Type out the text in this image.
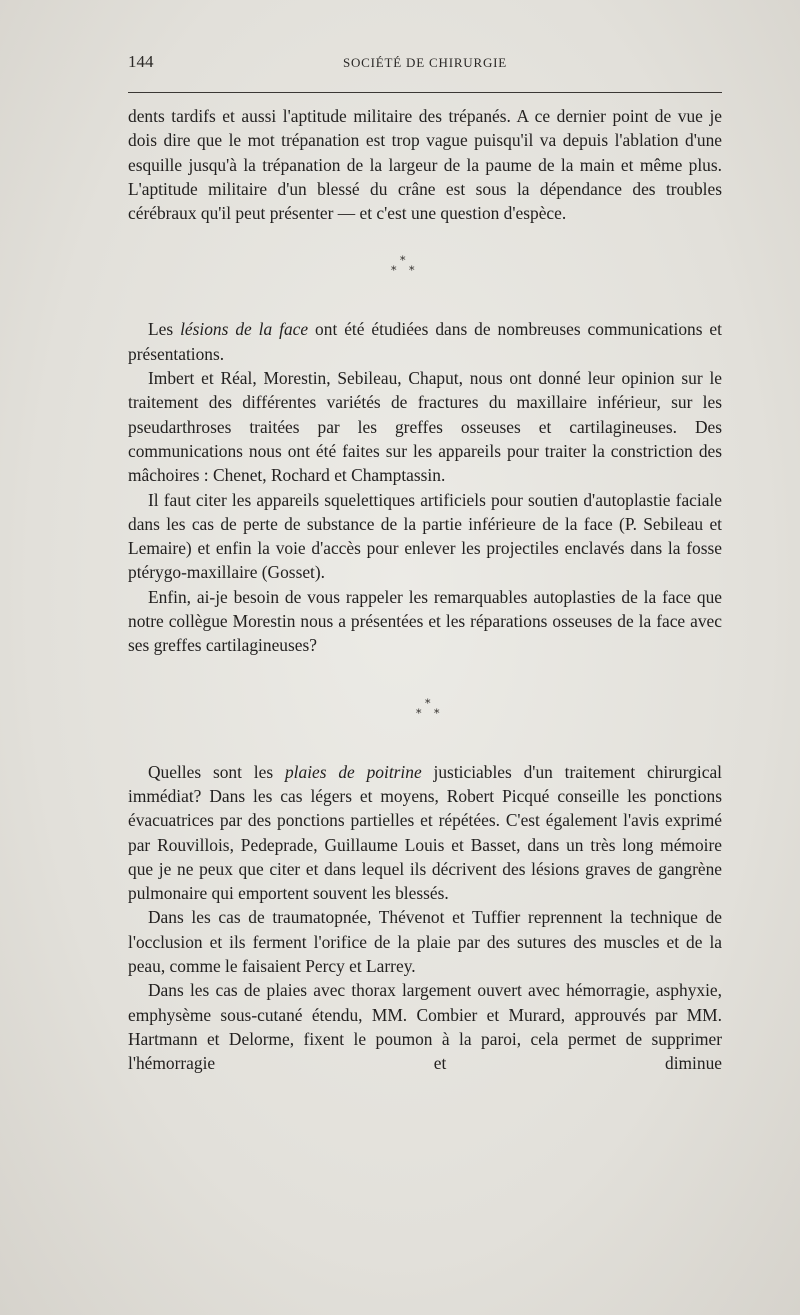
144	SOCIÉTÉ DE CHIRURGIE

dents tardifs et aussi l'aptitude militaire des trépanés. A ce dernier point de vue je dois dire que le mot trépanation est trop vague puisqu'il va depuis l'ablation d'une esquille jusqu'à la trépanation de la largeur de la paume de la main et même plus. L'aptitude militaire d'un blessé du crâne est sous la dépendance des troubles cérébraux qu'il peut présenter — et c'est une question d'espèce.

*
* *

Les lésions de la face ont été étudiées dans de nombreuses communications et présentations.

Imbert et Réal, Morestin, Sebileau, Chaput, nous ont donné leur opinion sur le traitement des différentes variétés de fractures du maxillaire inférieur, sur les pseudarthroses traitées par les greffes osseuses et cartilagineuses. Des communications nous ont été faites sur les appareils pour traiter la constriction des mâchoires : Chenet, Rochard et Champtassin.

Il faut citer les appareils squelettiques artificiels pour soutien d'autoplastie faciale dans les cas de perte de substance de la partie inférieure de la face (P. Sebileau et Lemaire) et enfin la voie d'accès pour enlever les projectiles enclavés dans la fosse ptérygo-maxillaire (Gosset).

Enfin, ai-je besoin de vous rappeler les remarquables autoplasties de la face que notre collègue Morestin nous a présentées et les réparations osseuses de la face avec ses greffes cartilagineuses?

*
* *

Quelles sont les plaies de poitrine justiciables d'un traitement chirurgical immédiat? Dans les cas légers et moyens, Robert Picqué conseille les ponctions évacuatrices par des ponctions partielles et répétées. C'est également l'avis exprimé par Rouvillois, Pedeprade, Guillaume Louis et Basset, dans un très long mémoire que je ne peux que citer et dans lequel ils décrivent des lésions graves de gangrène pulmonaire qui emportent souvent les blessés.

Dans les cas de traumatopnée, Thévenot et Tuffier reprennent la technique de l'occlusion et ils ferment l'orifice de la plaie par des sutures des muscles et de la peau, comme le faisaient Percy et Larrey.

Dans les cas de plaies avec thorax largement ouvert avec hémorragie, asphyxie, emphysème sous-cutané étendu, MM. Combier et Murard, approuvés par MM. Hartmann et Delorme, fixent le poumon à la paroi, cela permet de supprimer l'hémorragie et diminue
